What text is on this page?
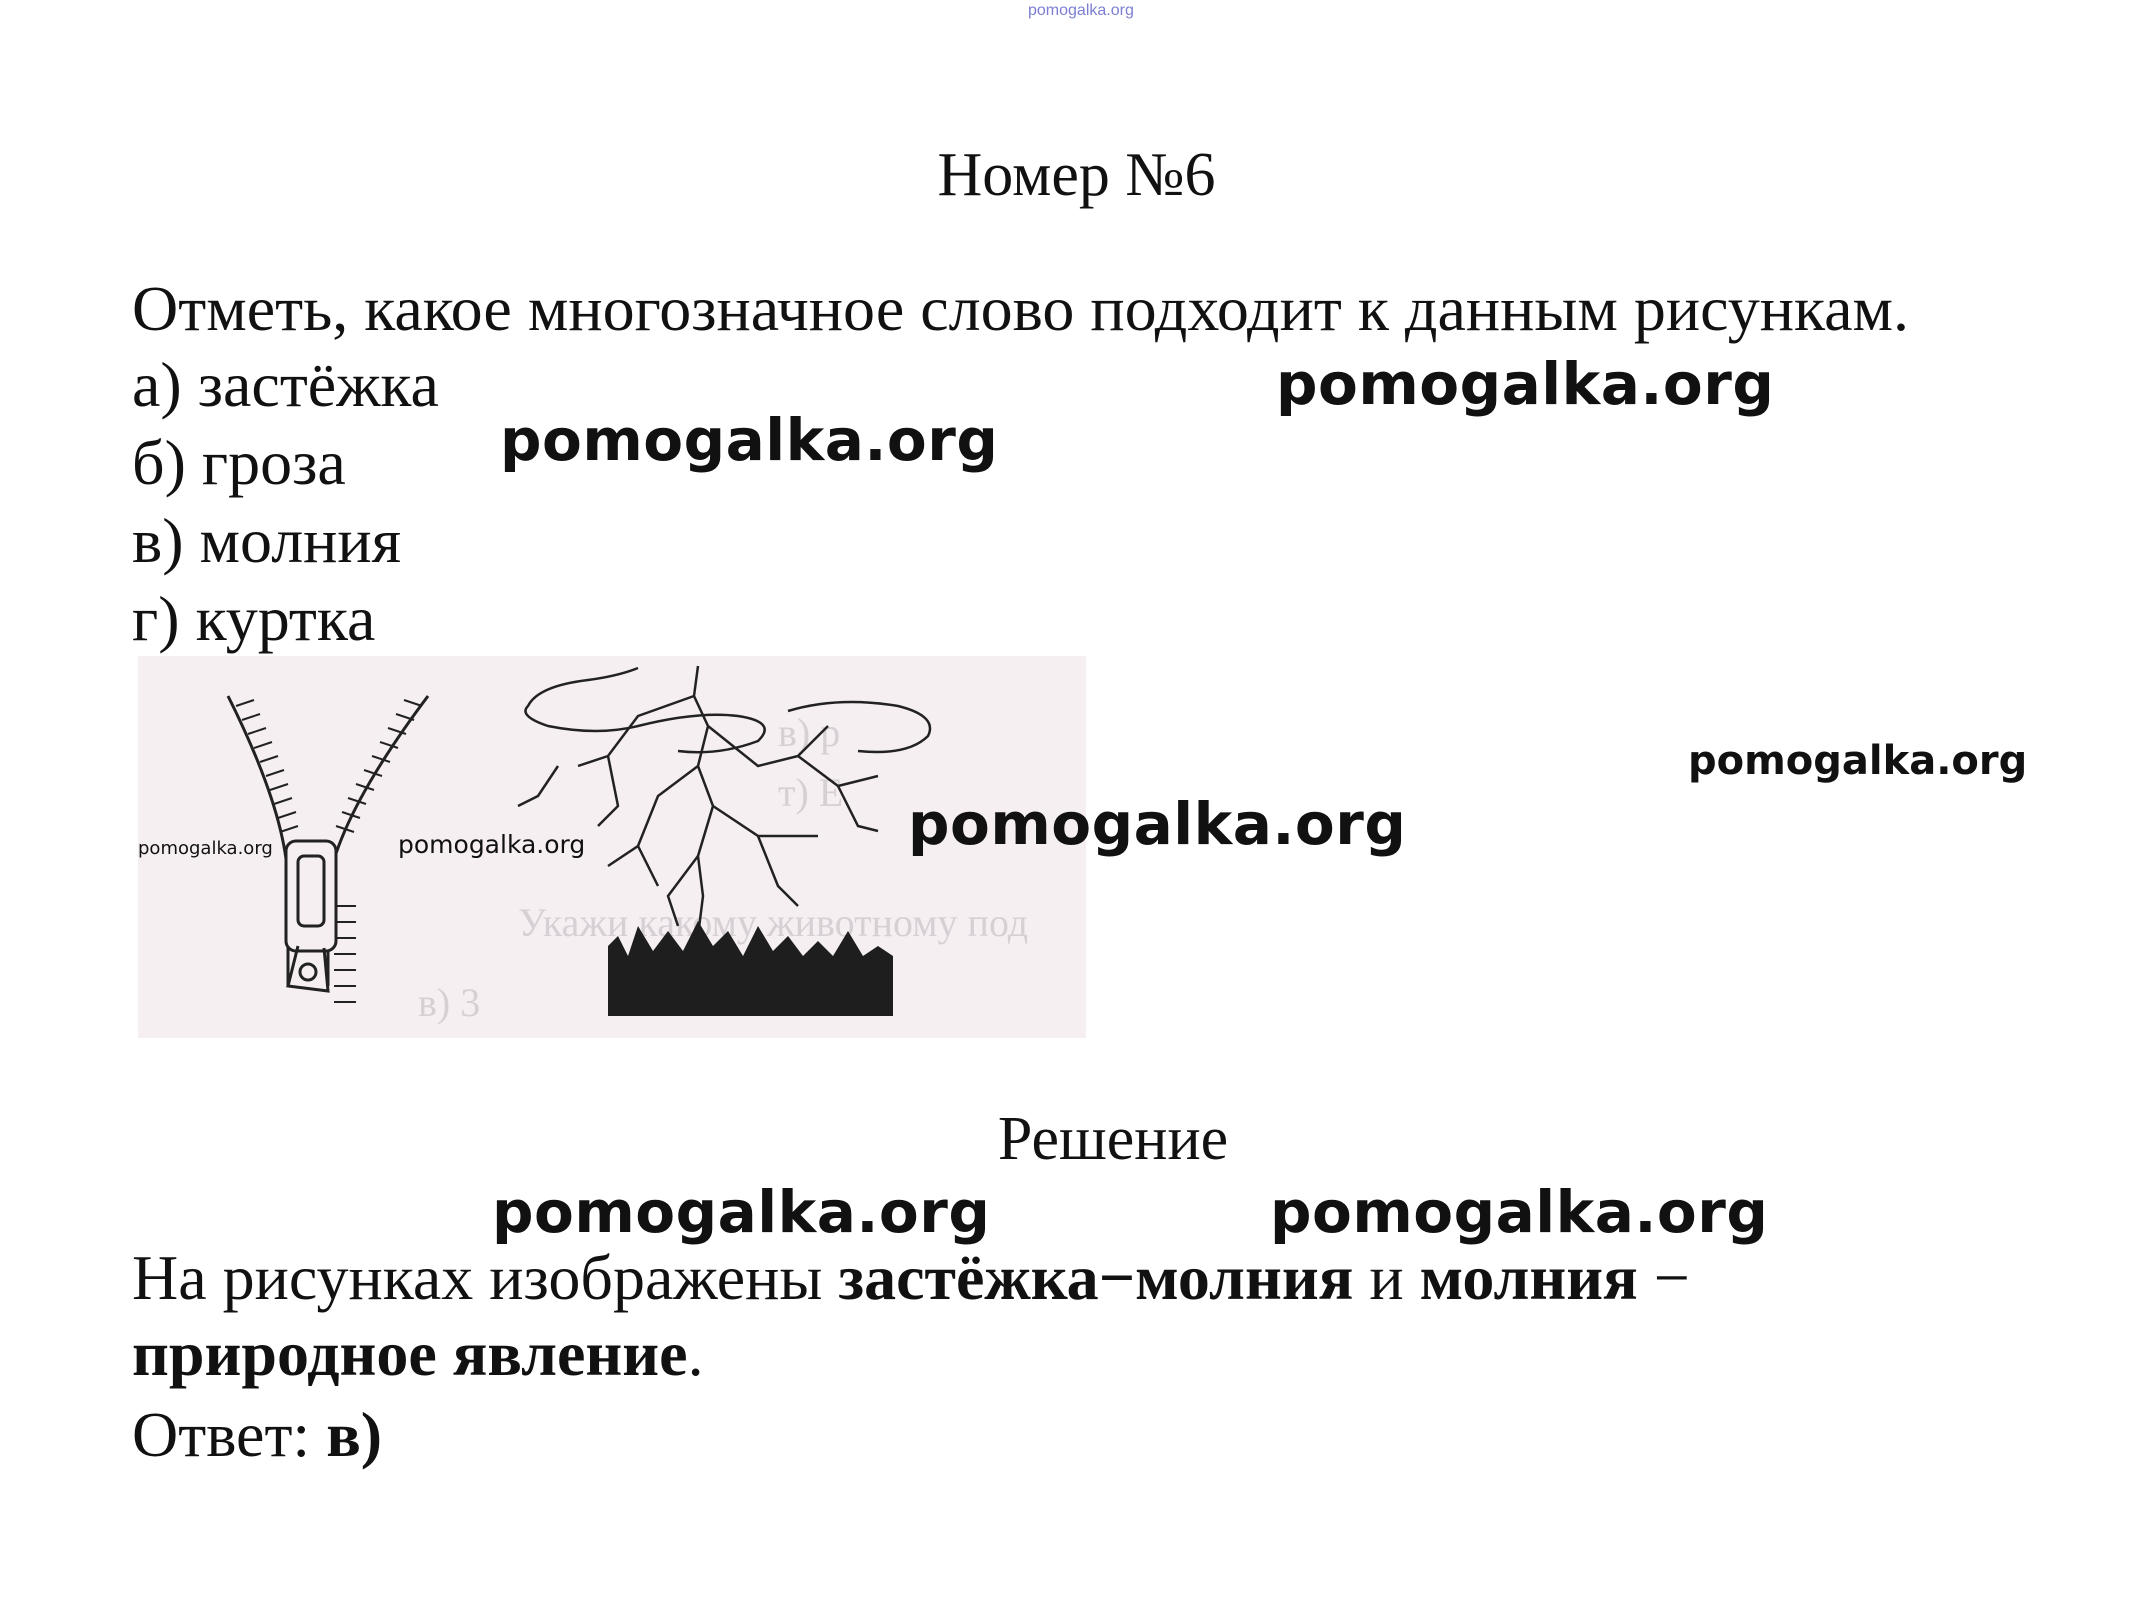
pomogalka.org
Номер №6
Отметь, какое многозначное слово подходит к данным рисункам.
а) застёжка
б) гроза
в) молния
г) куртка
pomogalka.org
pomogalka.org
в) р
т) Е
Укажи какому животному под
в) 3
pomogalka.org	pomogalka.org	pomogalka.org
pomogalka.org
Решение
pomogalka.org	pomogalka.org
На рисунках изображены застёжка−молния и молния −
природное явление.
Ответ: в)
